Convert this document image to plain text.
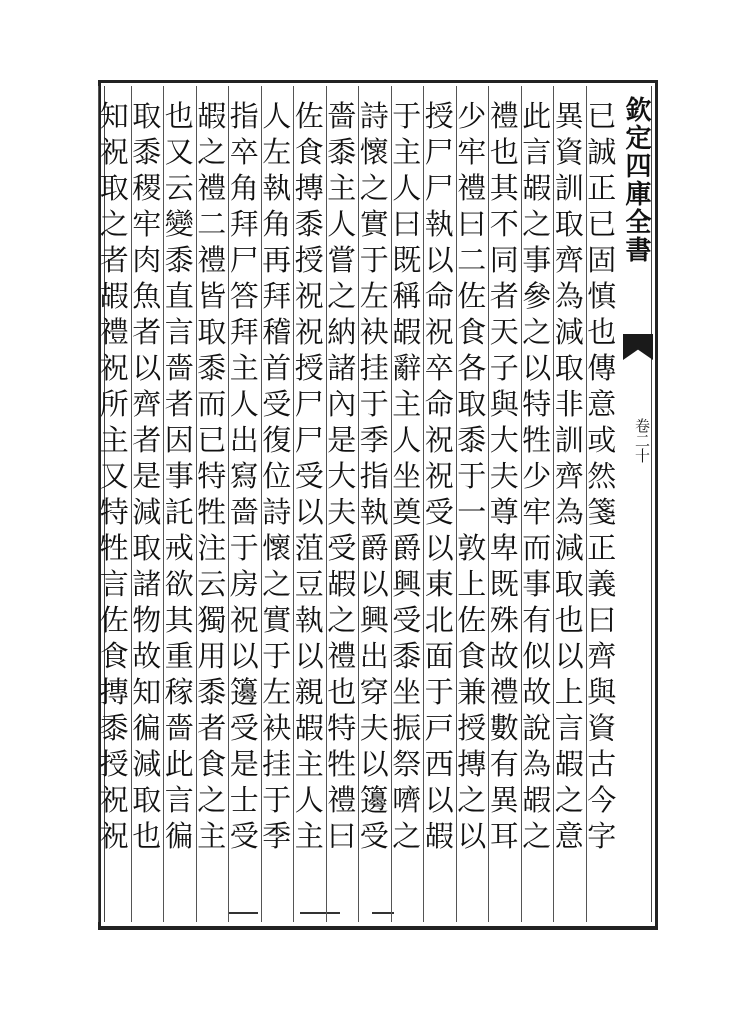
已
誠
正
已
固
慎
也
傳
意
或
然
箋
正
義
曰
齊
與
資
古
今
字
異
資
訓
取
齊
為
減
取
非
訓
齊
為
減
取
也
以
上
言
嘏
之
意
此
言
嘏
之
事
參
之
以
特
牲
少
牢
而
事
有
似
故
說
為
嘏
之
禮
也
其
不
同
者
天
子
與
大
夫
尊
卑
既
殊
故
禮
數
有
異
耳
少
牢
禮
曰
二
佐
食
各
取
黍
于
一
敦
上
佐
食
兼
授
摶
之
以
授
尸
尸
執
以
命
祝
卒
命
祝
祝
受
以
東
北
面
于
戸
西
以
嘏
于
主
人
曰
既
稱
嘏
辭
主
人
坐
奠
爵
興
受
黍
坐
振
祭
嚌
之
詩
懷
之
實
于
左
袂
挂
于
季
指
執
爵
以
興
出
穿
夫
以
籩
受
嗇
黍
主
人
嘗
之
納
諸
內
是
大
夫
受
嘏
之
禮
也
特
牲
禮
曰
佐
食
摶
黍
授
祝
祝
授
尸
尸
受
以
菹
豆
執
以
親
嘏
主
人
主
人
左
執
角
再
拜
稽
首
受
復
位
詩
懷
之
實
于
左
袂
挂
于
季
指
卒
角
拜
尸
答
拜
主
人
出
寫
嗇
于
房
祝
以
籩
受
是
士
受
嘏
之
禮
二
禮
皆
取
黍
而
已
特
牲
注
云
獨
用
黍
者
食
之
主
也
又
云
變
黍
直
言
嗇
者
因
事
託
戒
欲
其
重
稼
嗇
此
言
徧
取
黍
稷
牢
肉
魚
者
以
齊
者
是
減
取
諸
物
故
知
徧
減
取
也
知
祝
取
之
者
嘏
禮
祝
所
主
又
特
牲
言
佐
食
摶
黍
授
祝
祝
欽定四庫全書
卷二十
